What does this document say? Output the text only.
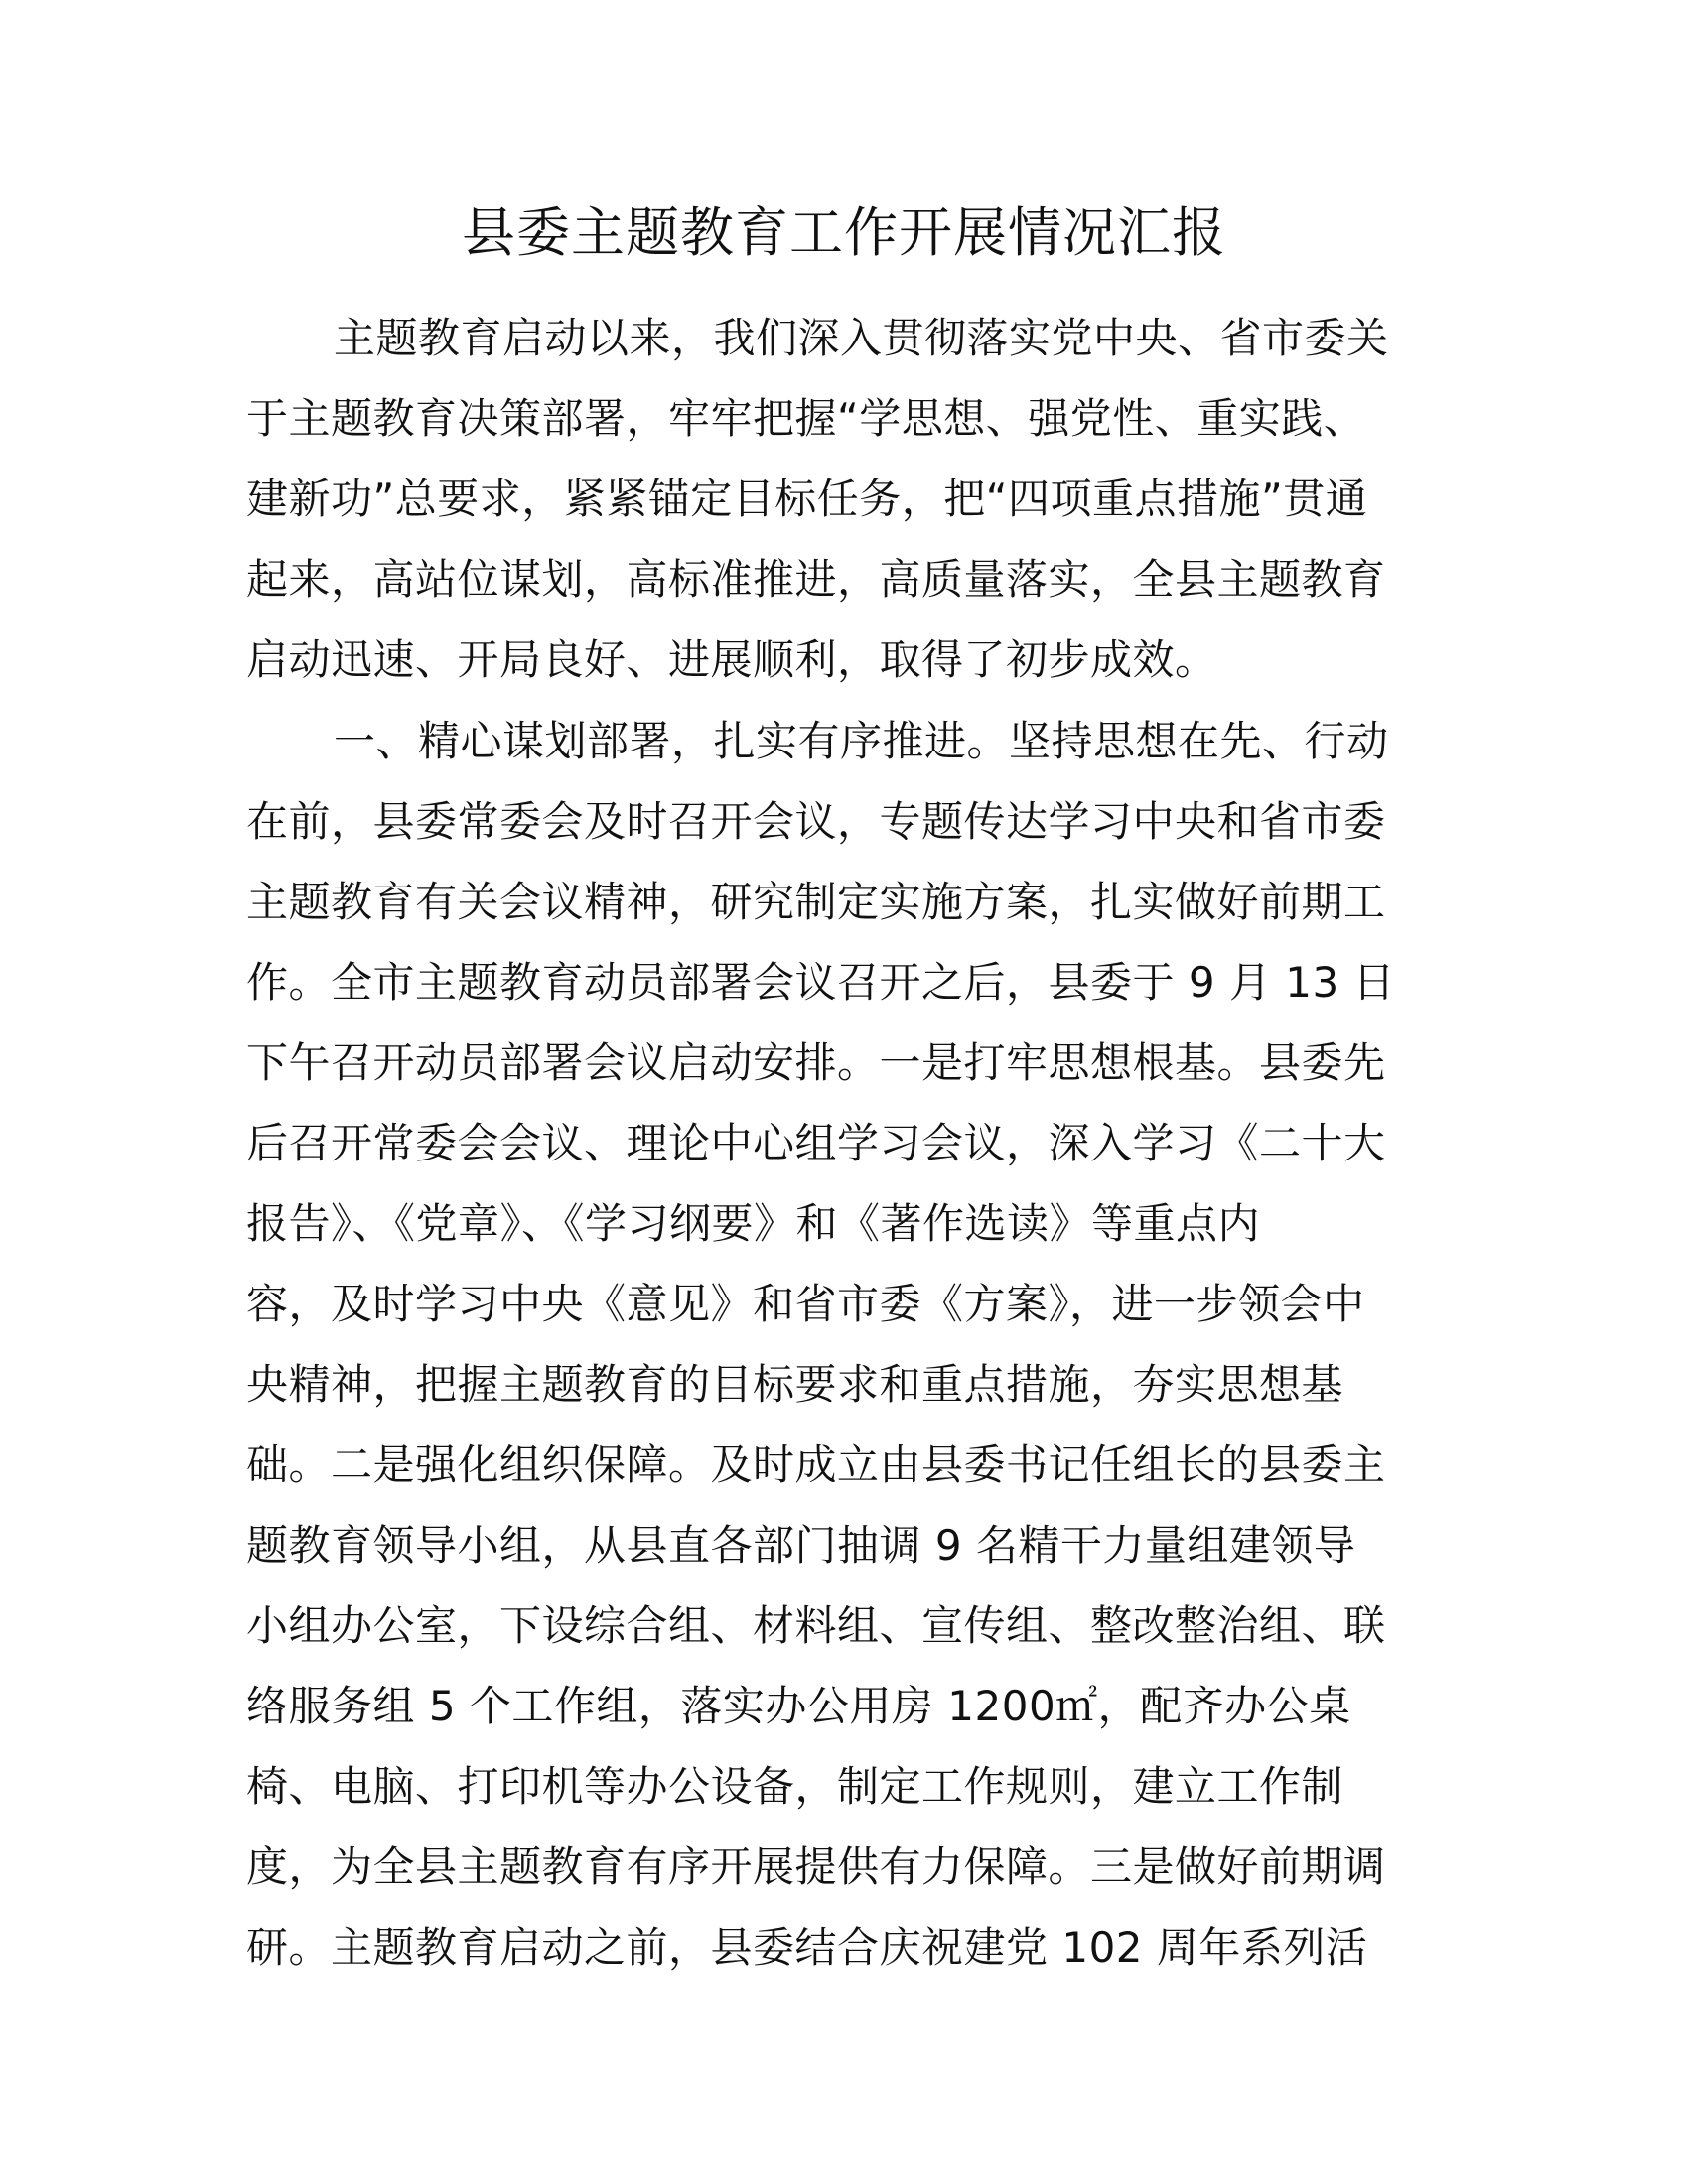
县委主题教育工作开展情况汇报
主题教育启动以来，我们深入贯彻落实党中央、省市委关
于主题教育决策部署，牢牢把握“学思想、强党性、重实践、
建新功”总要求，紧紧锚定目标任务，把“四项重点措施”贯通
起来，高站位谋划，高标准推进，高质量落实，全县主题教育
启动迅速、开局良好、进展顺利，取得了初步成效。
一、精心谋划部署，扎实有序推进。坚持思想在先、行动
在前，县委常委会及时召开会议，专题传达学习中央和省市委
主题教育有关会议精神，研究制定实施方案，扎实做好前期工
作。全市主题教育动员部署会议召开之后，县委于 9 月 13 日
下午召开动员部署会议启动安排。一是打牢思想根基。县委先
后召开常委会会议、理论中心组学习会议，深入学习《二十大
报告》、《党章》、《学习纲要》和《著作选读》等重点内
容，及时学习中央《意见》和省市委《方案》，进一步领会中
央精神，把握主题教育的目标要求和重点措施，夯实思想基
础。二是强化组织保障。及时成立由县委书记任组长的县委主
题教育领导小组，从县直各部门抽调 9 名精干力量组建领导
小组办公室，下设综合组、材料组、宣传组、整改整治组、联
络服务组 5 个工作组，落实办公用房 1200㎡，配齐办公桌
椅、电脑、打印机等办公设备，制定工作规则，建立工作制
度，为全县主题教育有序开展提供有力保障。三是做好前期调
研。主题教育启动之前，县委结合庆祝建党 102 周年系列活
